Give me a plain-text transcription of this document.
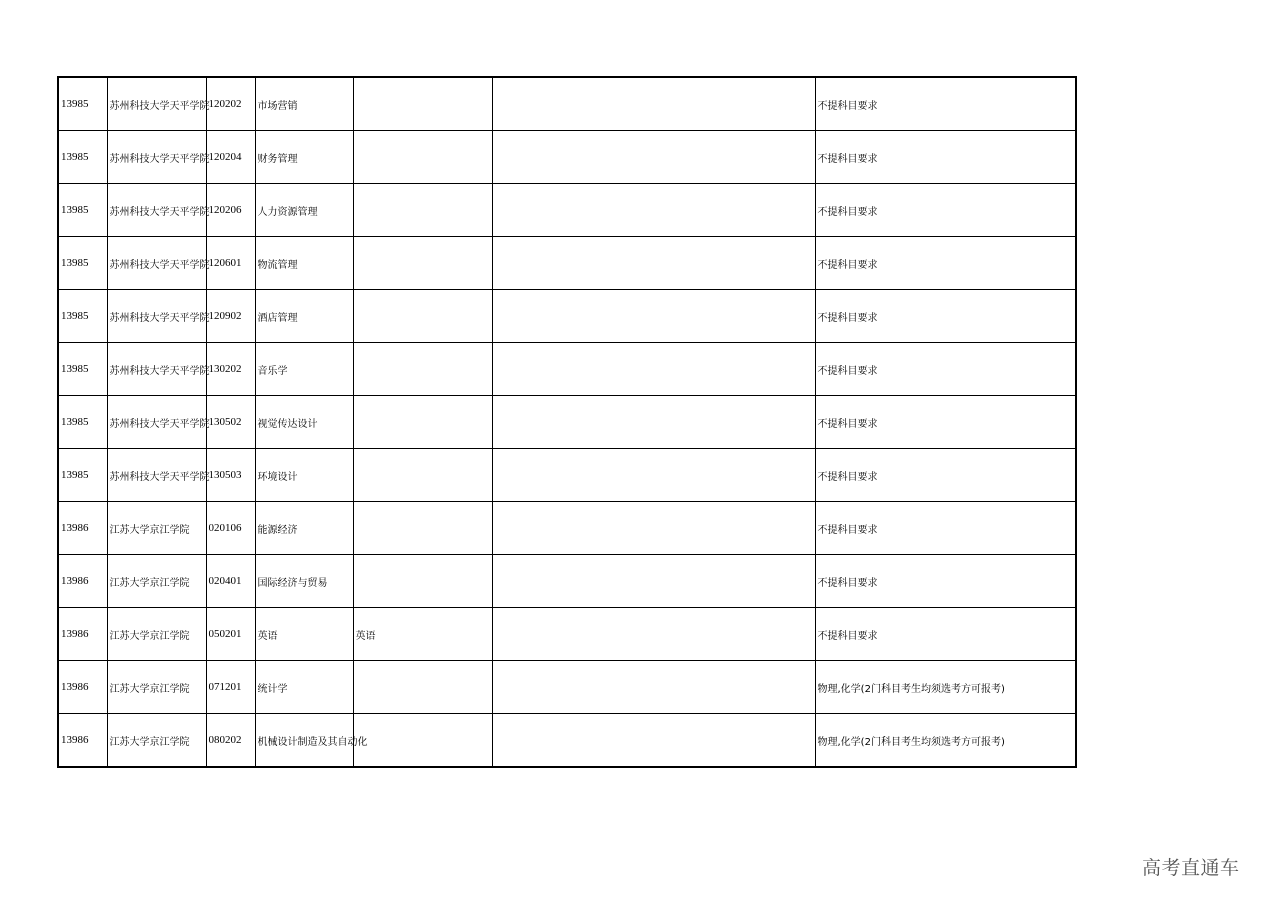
13985	苏州科技大学天平学院	120202	市场营销			不提科目要求
13985	苏州科技大学天平学院	120204	财务管理			不提科目要求
13985	苏州科技大学天平学院	120206	人力资源管理			不提科目要求
13985	苏州科技大学天平学院	120601	物流管理			不提科目要求
13985	苏州科技大学天平学院	120902	酒店管理			不提科目要求
13985	苏州科技大学天平学院	130202	音乐学			不提科目要求
13985	苏州科技大学天平学院	130502	视觉传达设计			不提科目要求
13985	苏州科技大学天平学院	130503	环境设计			不提科目要求
13986	江苏大学京江学院	020106	能源经济			不提科目要求
13986	江苏大学京江学院	020401	国际经济与贸易			不提科目要求
13986	江苏大学京江学院	050201	英语	英语		不提科目要求
13986	江苏大学京江学院	071201	统计学			物理,化学(2门科目考生均须选考方可报考)
13986	江苏大学京江学院	080202	机械设计制造及其自动化			物理,化学(2门科目考生均须选考方可报考)
高考直通车
